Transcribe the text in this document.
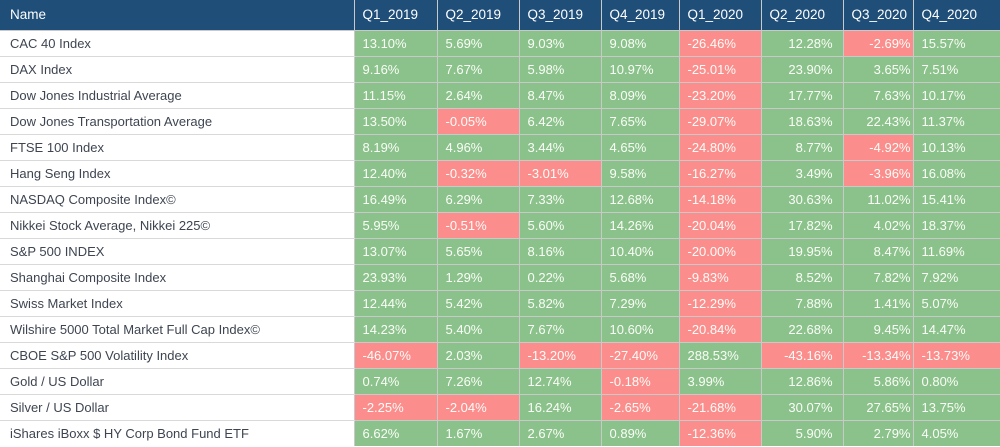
Name	Q1_2019	Q2_2019	Q3_2019	Q4_2019	Q1_2020	Q2_2020	Q3_2020	Q4_2020
CAC 40 Index	13.10%	5.69%	9.03%	9.08%	-26.46%	12.28%	-2.69%	15.57%
DAX Index	9.16%	7.67%	5.98%	10.97%	-25.01%	23.90%	3.65%	7.51%
Dow Jones Industrial Average	11.15%	2.64%	8.47%	8.09%	-23.20%	17.77%	7.63%	10.17%
Dow Jones Transportation Average	13.50%	-0.05%	6.42%	7.65%	-29.07%	18.63%	22.43%	11.37%
FTSE 100 Index	8.19%	4.96%	3.44%	4.65%	-24.80%	8.77%	-4.92%	10.13%
Hang Seng Index	12.40%	-0.32%	-3.01%	9.58%	-16.27%	3.49%	-3.96%	16.08%
NASDAQ Composite Index©	16.49%	6.29%	7.33%	12.68%	-14.18%	30.63%	11.02%	15.41%
Nikkei Stock Average, Nikkei 225©	5.95%	-0.51%	5.60%	14.26%	-20.04%	17.82%	4.02%	18.37%
S&P 500 INDEX	13.07%	5.65%	8.16%	10.40%	-20.00%	19.95%	8.47%	11.69%
Shanghai Composite Index	23.93%	1.29%	0.22%	5.68%	-9.83%	8.52%	7.82%	7.92%
Swiss Market Index	12.44%	5.42%	5.82%	7.29%	-12.29%	7.88%	1.41%	5.07%
Wilshire 5000 Total Market Full Cap Index©	14.23%	5.40%	7.67%	10.60%	-20.84%	22.68%	9.45%	14.47%
CBOE S&P 500 Volatility Index	-46.07%	2.03%	-13.20%	-27.40%	288.53%	-43.16%	-13.34%	-13.73%
Gold / US Dollar	0.74%	7.26%	12.74%	-0.18%	3.99%	12.86%	5.86%	0.80%
Silver / US Dollar	-2.25%	-2.04%	16.24%	-2.65%	-21.68%	30.07%	27.65%	13.75%
iShares iBoxx $ HY Corp Bond Fund ETF	6.62%	1.67%	2.67%	0.89%	-12.36%	5.90%	2.79%	4.05%
